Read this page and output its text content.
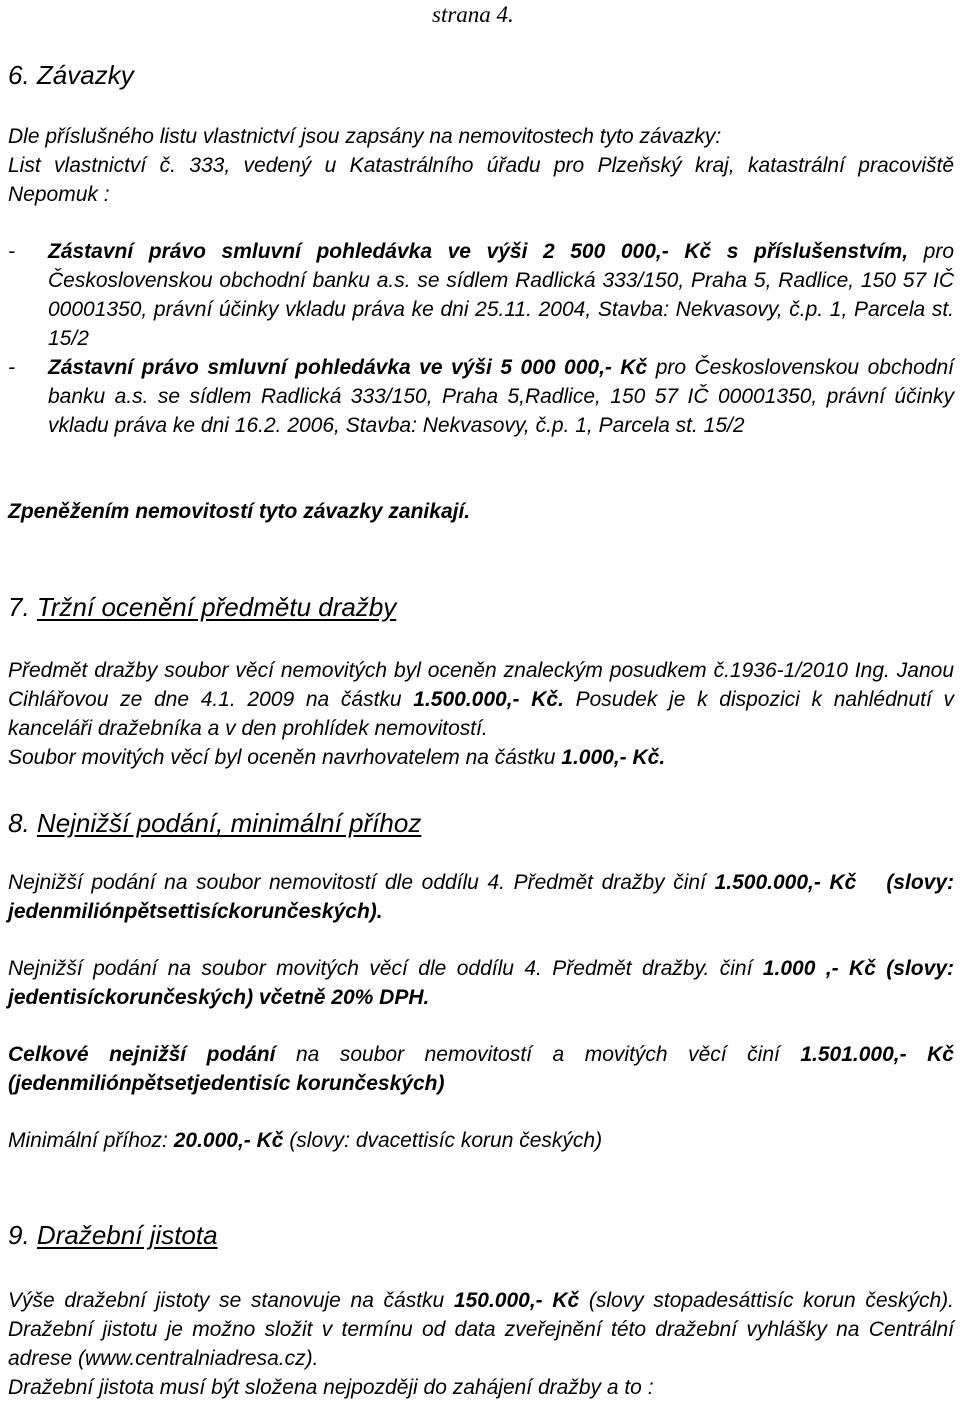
strana 4.
6. Závazky
Dle příslušného listu vlastnictví jsou zapsány na nemovitostech tyto závazky:
List vlastnictví č. 333, vedený u Katastrálního úřadu pro Plzeňský kraj, katastrální pracoviště Nepomuk :
- Zástavní právo smluvní pohledávka ve výši 2 500 000,- Kč s příslušenstvím, pro Československou obchodní banku a.s. se sídlem Radlická 333/150, Praha 5, Radlice, 150 57 IČ 00001350, právní účinky vkladu práva ke dni 25.11. 2004, Stavba: Nekvasovy, č.p. 1, Parcela st. 15/2
- Zástavní právo smluvní pohledávka ve výši 5 000 000,- Kč pro Československou obchodní banku a.s. se sídlem Radlická 333/150, Praha 5,Radlice, 150 57 IČ 00001350, právní účinky vkladu práva ke dni 16.2. 2006, Stavba: Nekvasovy, č.p. 1, Parcela st. 15/2
Zpeněžením nemovitostí tyto závazky zanikají.
7. Tržní ocenění předmětu dražby
Předmět dražby soubor věcí nemovitých byl oceněn znaleckým posudkem č.1936-1/2010 Ing. Janou Cihlářovou ze dne 4.1. 2009 na částku 1.500.000,- Kč. Posudek je k dispozici k nahlédnutí v kanceláři dražebníka a v den prohlídek nemovitostí.
Soubor movitých věcí byl oceněn navrhovatelem na částku 1.000,- Kč.
8. Nejnižší podání, minimální příhoz
Nejnižší podání na soubor nemovitostí dle oddílu 4. Předmět dražby činí 1.500.000,- Kč (slovy: jedenmiliónpětsettisíckorunčeských).
Nejnižší podání na soubor movitých věcí dle oddílu 4. Předmět dražby. činí 1.000 ,- Kč (slovy: jedentisíckorunčeských) včetně 20% DPH.
Celkové nejnižší podání na soubor nemovitostí a movitých věcí činí 1.501.000,- Kč (jedenmiliónpětsetjedentisíc korunčeských)
Minimální příhoz: 20.000,- Kč (slovy: dvacettisíc korun českých)
9. Dražební jistota
Výše dražební jistoty se stanovuje na částku 150.000,- Kč (slovy stopadesáttisíc korun českých). Dražební jistotu je možno složit v termínu od data zveřejnění této dražební vyhlášky na Centrální adrese (www.centralniadresa.cz).
Dražební jistota musí být složena nejpozději do zahájení dražby a to :
